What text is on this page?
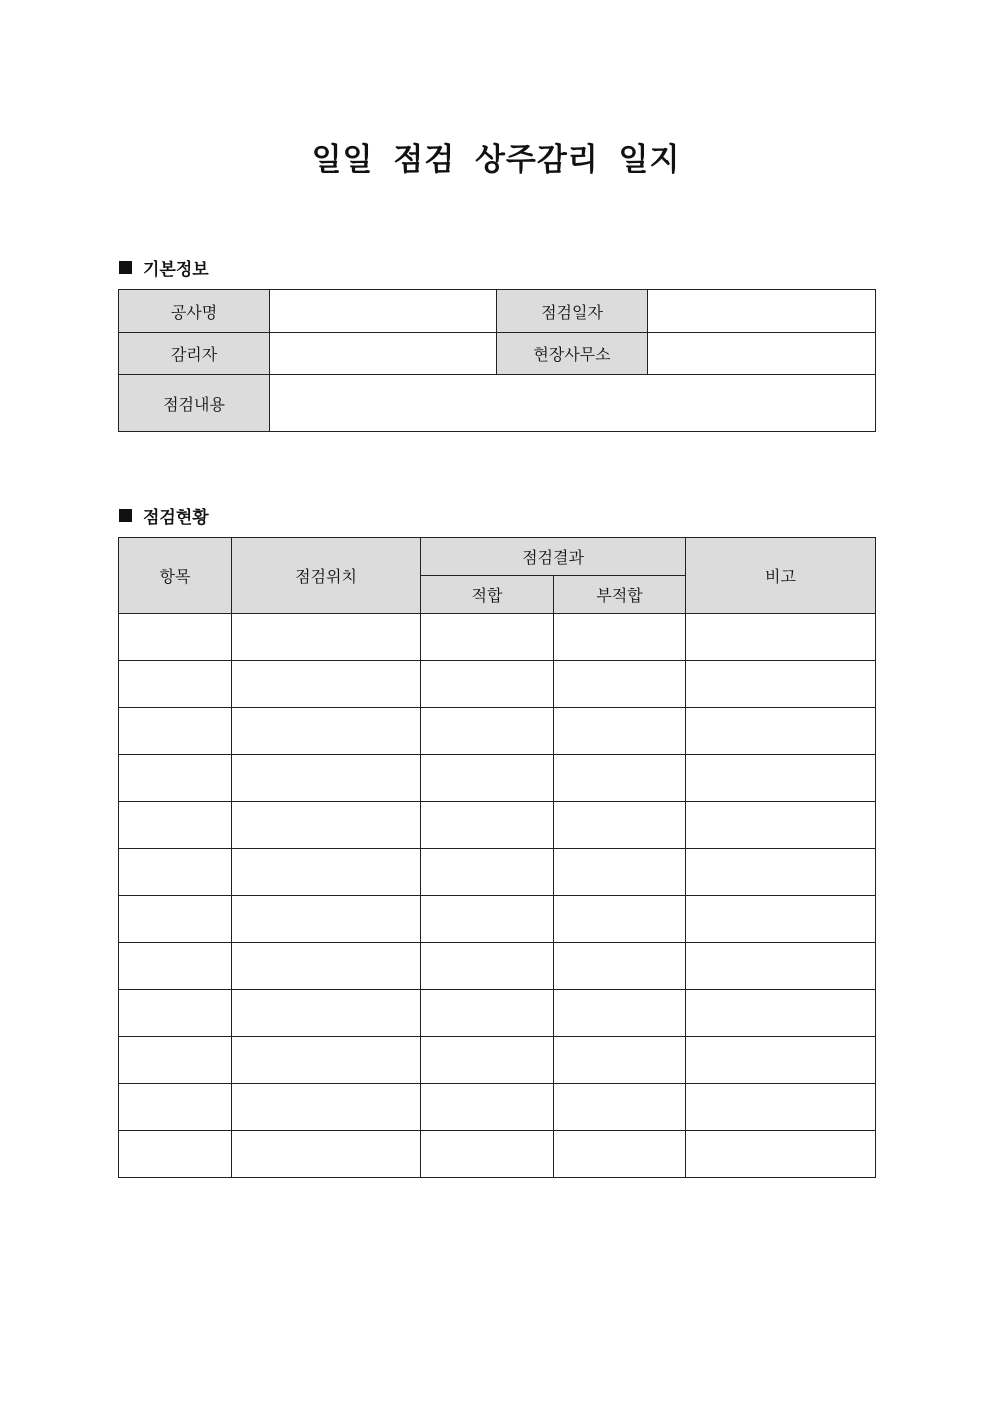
일일 점검 상주감리 일지
기본정보
공사명		점검일자	
감리자		현장사무소	
점검내용			
점검현황
항목	점검위치	점검결과		비고
		적합	부적합	
